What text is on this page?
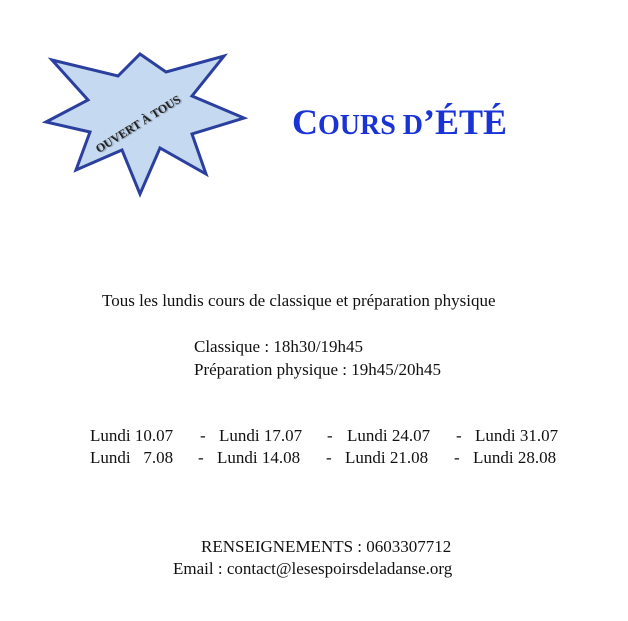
OUVERT À TOUS	COURS D’ÉTÉ
Tous les lundis cours de classique et préparation physique
Classique : 18h30/19h45
Préparation physique : 19h45/20h45
Lundi 10.07 - Lundi 17.07 - Lundi 24.07 - Lundi 31.07
Lundi   7.08 - Lundi 14.08 - Lundi 21.08 - Lundi 28.08
RENSEIGNEMENTS : 0603307712
Email : contact@lesespoirsdeladanse.org
